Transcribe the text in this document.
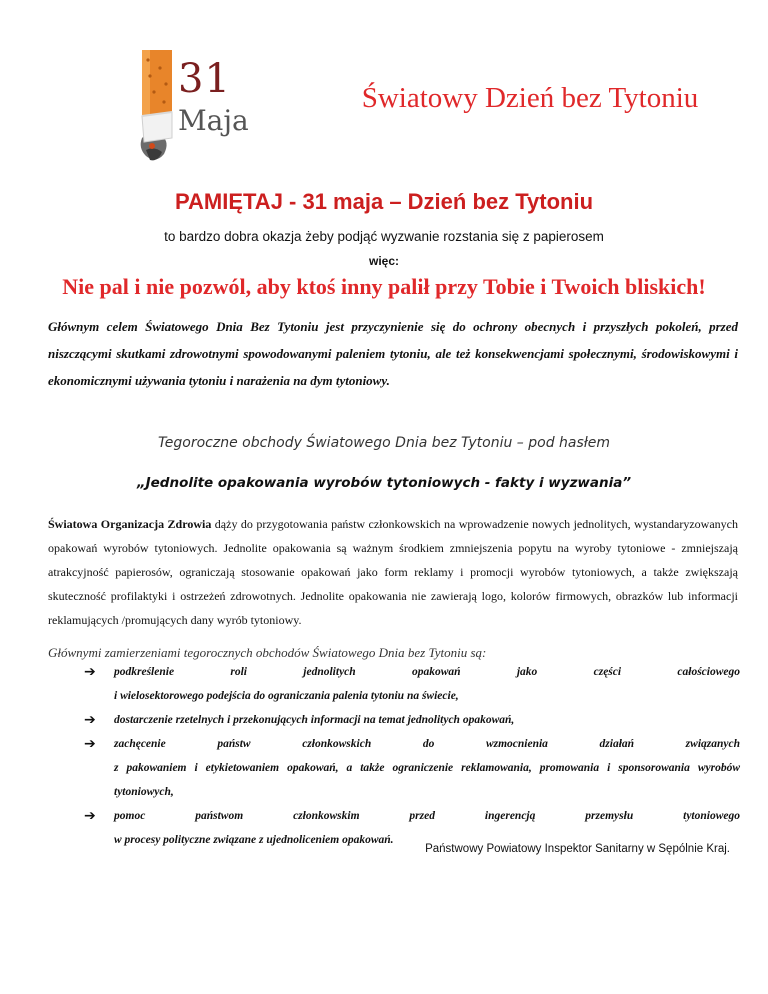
31
Maja
Światowy Dzień bez Tytoniu
PAMIĘTAJ - 31 maja – Dzień bez Tytoniu
to bardzo dobra okazja żeby podjąć wyzwanie rozstania się z papierosem
więc:
Nie pal i nie pozwól, aby ktoś inny palił przy Tobie i Twoich bliskich!

Głównym celem Światowego Dnia Bez Tytoniu jest przyczynienie się do ochrony obecnych i przyszłych pokoleń, przed niszczącymi skutkami zdrowotnymi spowodowanymi paleniem tytoniu, ale też konsekwencjami społecznymi, środowiskowymi i ekonomicznymi używania tytoniu i narażenia na dym tytoniowy.

Tegoroczne obchody Światowego Dnia bez Tytoniu – pod hasłem
„Jednolite opakowania wyrobów tytoniowych - fakty i wyzwania”

Światowa Organizacja Zdrowia dąży do przygotowania państw członkowskich na wprowadzenie nowych jednolitych, wystandaryzowanych opakowań wyrobów tytoniowych. Jednolite opakowania są ważnym środkiem zmniejszenia popytu na wyroby tytoniowe - zmniejszają atrakcyjność papierosów, ograniczają stosowanie opakowań jako form reklamy i promocji wyrobów tytoniowych, a także zwiększają skuteczność profilaktyki i ostrzeżeń zdrowotnych. Jednolite opakowania nie zawierają logo, kolorów firmowych, obrazków lub informacji reklamujących /promujących dany wyrób tytoniowy.

Głównymi zamierzeniami tegorocznych obchodów Światowego Dnia bez Tytoniu są:
➔ podkreślenie roli jednolitych opakowań jako części całościowego
i wielosektorowego podejścia do ograniczania palenia tytoniu na świecie,
➔ dostarczenie rzetelnych i przekonujących informacji na temat jednolitych opakowań,
➔ zachęcenie państw członkowskich do wzmocnienia działań związanych
z pakowaniem i etykietowaniem opakowań, a także ograniczenie reklamowania, promowania i sponsorowania wyrobów tytoniowych,
➔ pomoc państwom członkowskim przed ingerencją przemysłu tytoniowego
w procesy polityczne związane z ujednoliceniem opakowań.
Państwowy Powiatowy Inspektor Sanitarny w Sępólnie Kraj.
